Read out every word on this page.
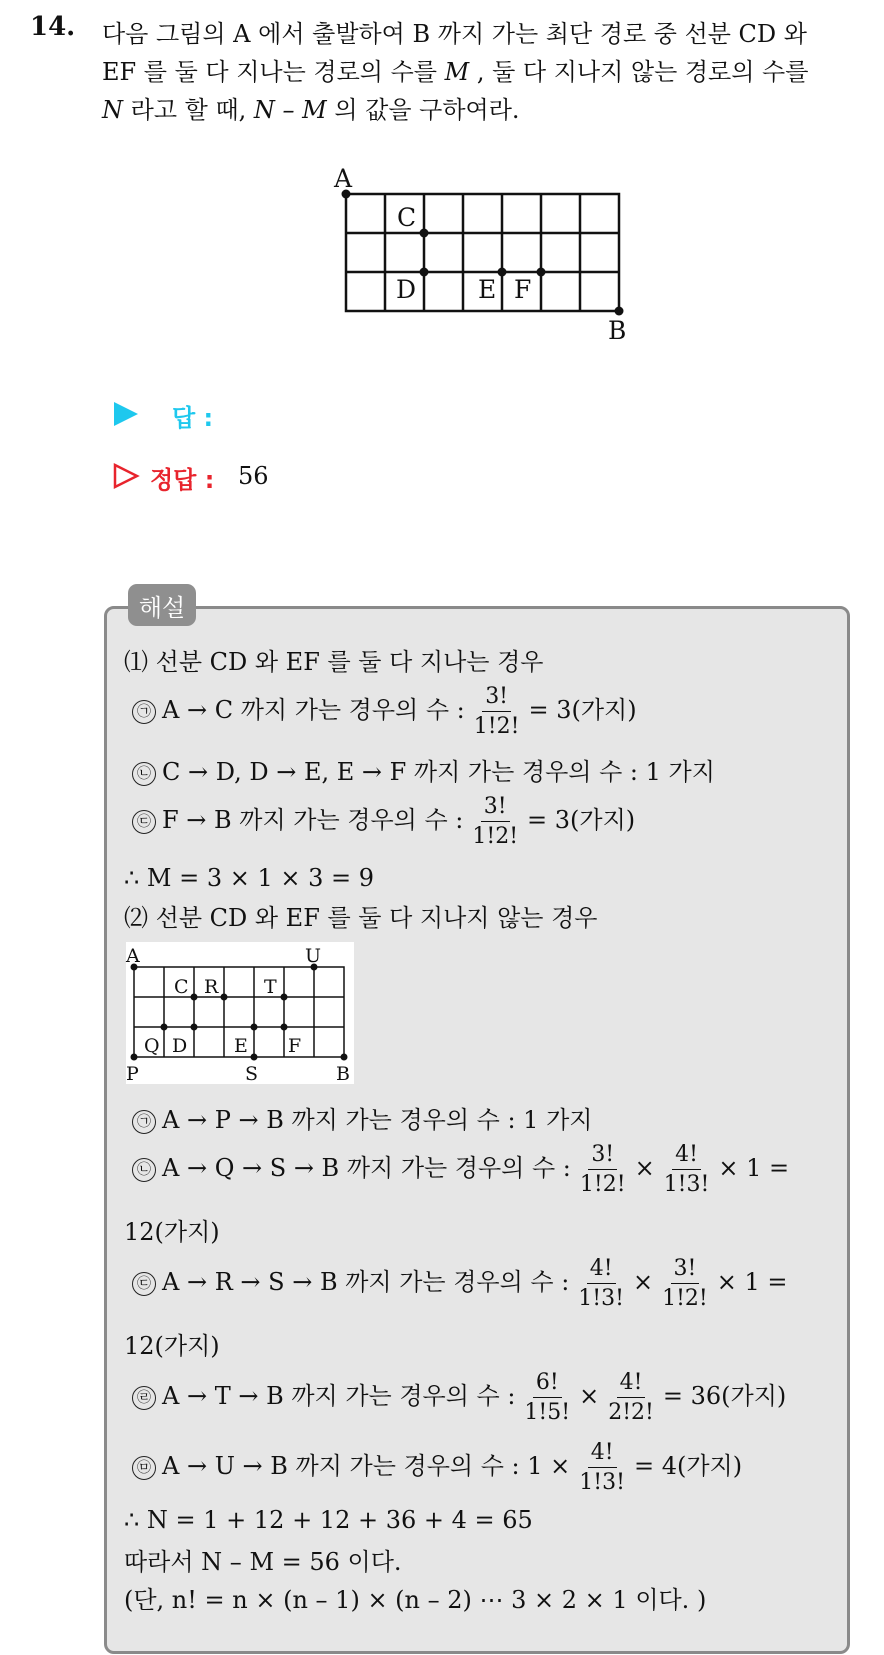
14. 다음 그림의 A 에서 출발하여 B 까지 가는 최단 경로 중 선분 CD 와
EF 를 둘 다 지나는 경로의 수를 M , 둘 다 지나지 않는 경로의 수를
N 라고 할 때, N – M 의 값을 구하여라.
A
C
D E F
B
답 :
정답 : 56
해설
⑴ 선분 CD 와 EF 를 둘 다 지나는 경우
㉠ A → C 까지 가는 경우의 수 : $\frac{3!}{1!2!} = 3$(가지)
㉡ C → D, D → E, E → F 까지 가는 경우의 수 : 1 가지
㉢ F → B 까지 가는 경우의 수 : $\frac{3!}{1!2!} = 3$(가지)
∴ M = 3 × 1 × 3 = 9
⑵ 선분 CD 와 EF 를 둘 다 지나지 않는 경우
A	U
C R T
Q D E F
P	S	B
㉠ A → P → B 까지 가는 경우의 수 : 1 가지
㉡ A → Q → S → B 까지 가는 경우의 수 : $\frac{3!}{1!2!} \times \frac{4!}{1!3!} \times 1$ =
12(가지)
㉢ A → R → S → B 까지 가는 경우의 수 : $\frac{4!}{1!3!} \times \frac{3!}{1!2!} \times 1$ =
12(가지)
㉣ A → T → B 까지 가는 경우의 수 : $\frac{6!}{1!5!} \times \frac{4!}{2!2!} = 36$(가지)
㉤ A → U → B 까지 가는 경우의 수 : $1 \times \frac{4!}{1!3!} = 4$(가지)
∴ N = 1 + 12 + 12 + 36 + 4 = 65
따라서 N – M = 56 이다.
(단, n! = n × (n – 1) × (n – 2) ⋯ 3 × 2 × 1 이다. )
